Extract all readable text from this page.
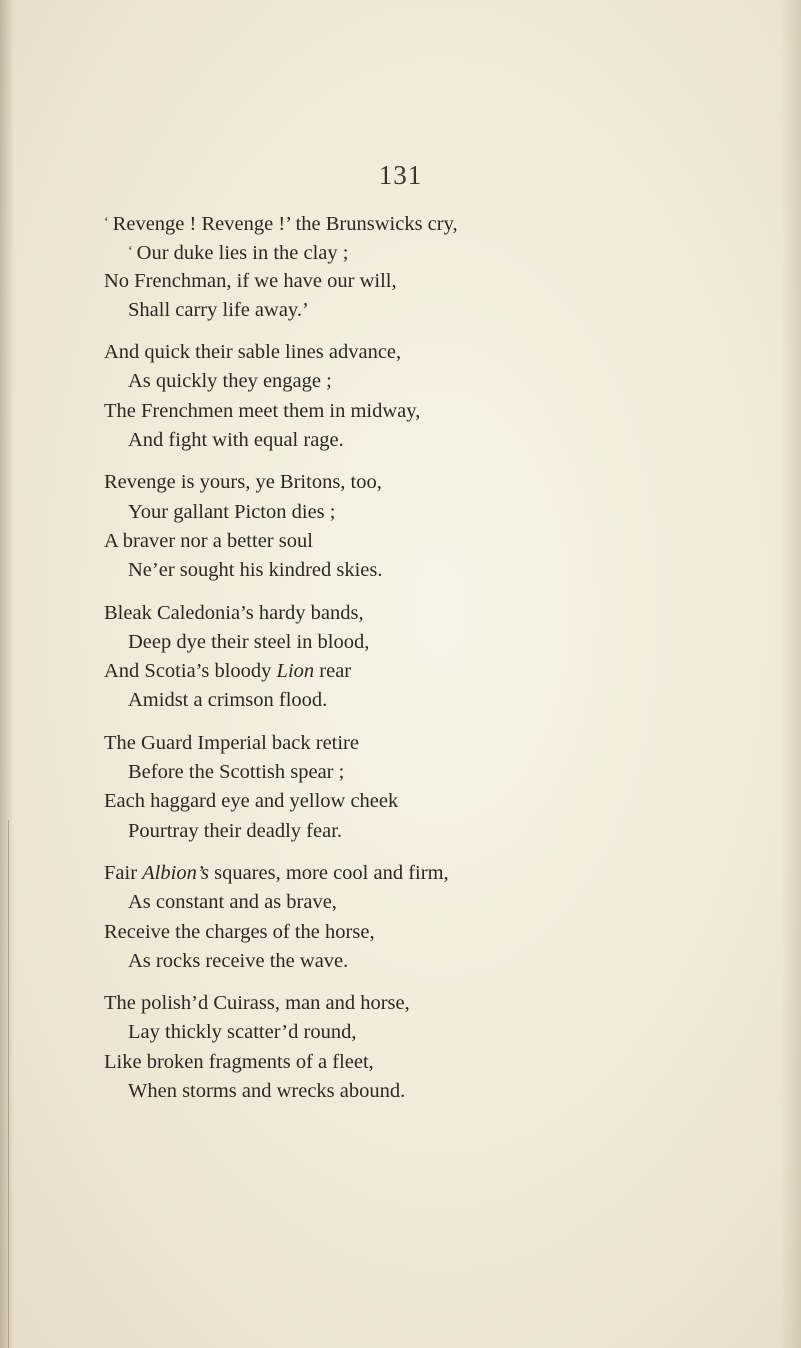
131
‘ Revenge ! Revenge !’ the Brunswicks cry,
‘ Our duke lies in the clay ;
No Frenchman, if we have our will,
Shall carry life away.’
And quick their sable lines advance,
As quickly they engage ;
The Frenchmen meet them in midway,
And fight with equal rage.
Revenge is yours, ye Britons, too,
Your gallant Picton dies ;
A braver nor a better soul
Ne’er sought his kindred skies.
Bleak Caledonia’s hardy bands,
Deep dye their steel in blood,
And Scotia’s bloody Lion rear
Amidst a crimson flood.
The Guard Imperial back retire
Before the Scottish spear ;
Each haggard eye and yellow cheek
Pourtray their deadly fear.
Fair Albion’s squares, more cool and firm,
As constant and as brave,
Receive the charges of the horse,
As rocks receive the wave.
The polish’d Cuirass, man and horse,
Lay thickly scatter’d round,
Like broken fragments of a fleet,
When storms and wrecks abound.
